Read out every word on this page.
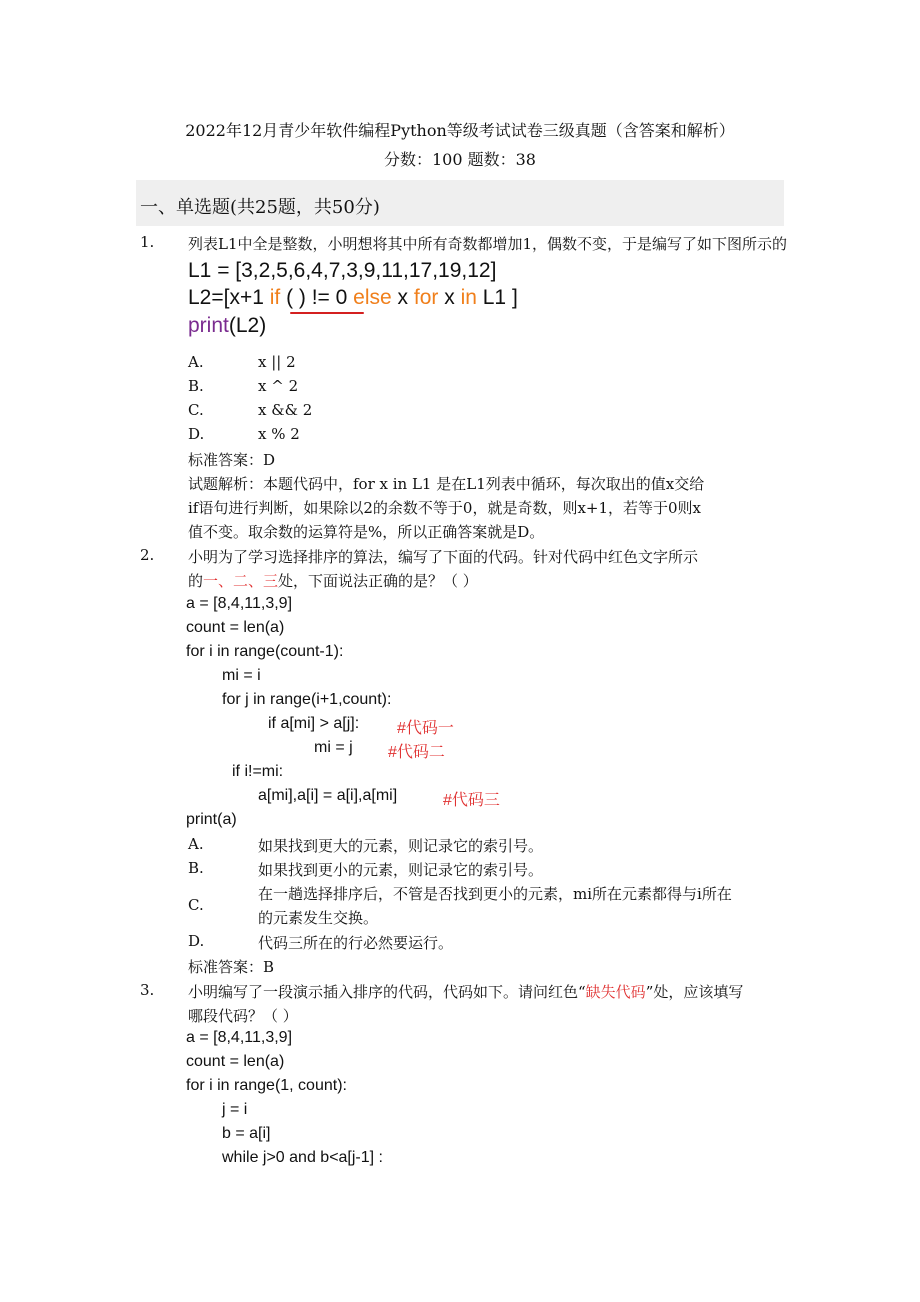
2022年12月青少年软件编程Python等级考试试卷三级真题（含答案和解析）
分数：100 题数：38
一、单选题(共25题，共50分)
1. 列表L1中全是整数，小明想将其中所有奇数都增加1，偶数不变，于是编写了如下图所示的
L1 = [3,2,5,6,4,7,3,9,11,17,19,12]
L2=[x+1 if ( ) != 0 else x for x in L1 ]
print(L2)
A.	x || 2
B.	x ^ 2
C.	x && 2
D.	x % 2
标准答案：D
试题解析：本题代码中，for x in L1 是在L1列表中循环，每次取出的值x交给
if语句进行判断，如果除以2的余数不等于0，就是奇数，则x+1，若等于0则x
值不变。取余数的运算符是%，所以正确答案就是D。
2. 小明为了学习选择排序的算法，编写了下面的代码。针对代码中红色文字所示
的一、二、三处，下面说法正确的是？（ ）
a = [8,4,11,3,9]
count = len(a)
for i in range(count-1):
mi = i
for j in range(i+1,count):
if a[mi] > a[j]: #代码一
mi = j #代码二
if i!=mi:
a[mi],a[i] = a[i],a[mi]	#代码三
print(a)
A.	如果找到更大的元素，则记录它的索引号。
B.	如果找到更小的元素，则记录它的索引号。
C.
在一趟选择排序后，不管是否找到更小的元素，mi所在元素都得与i所在
的元素发生交换。
D.	代码三所在的行必然要运行。
标准答案：B
3. 小明编写了一段演示插入排序的代码，代码如下。请问红色“缺失代码”处，应该填写
哪段代码？（ ）
a = [8,4,11,3,9]
count = len(a)
for i in range(1, count):
j = i
b = a[i]
while j>0 and b<a[j-1] :
